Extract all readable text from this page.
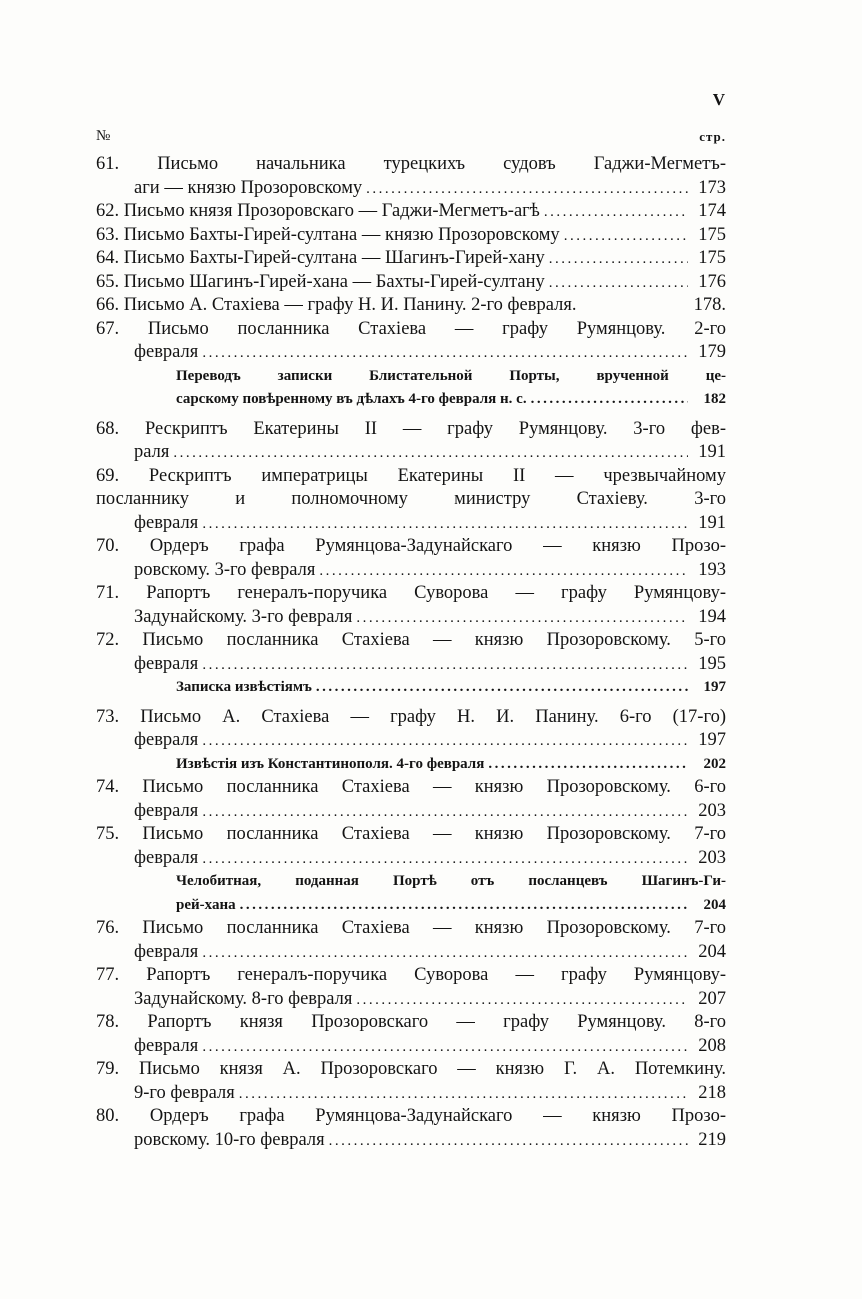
V
№	стр.
61. Письмо начальника турецкихъ судовъ Гаджи-Мегметъ-
аги — князю Прозоровскому .....	173
62. Письмо князя Прозоровскаго — Гаджи-Мегметъ-агѣ .....	174
63. Письмо Бахты-Гирей-султана — князю Прозоровскому .....	175
64. Письмо Бахты-Гирей-султана — Шагинъ-Гирей-хану .....	175
65. Письмо Шагинъ-Гирей-хана — Бахты-Гирей-султану .....	176
66. Письмо А. Стахіева — графу Н. И. Панину. 2-го февраля.	178.
67. Письмо посланника Стахіева — графу Румянцову. 2-го
февраля .....	179
Переводъ записки Блистательной Порты, врученной це-
сарскому повѣренному въ дѣлахъ 4-го февраля н. с. .....	182
68. Рескриптъ Екатерины II — графу Румянцову. 3-го фев-
раля .....	191
69. Рескриптъ императрицы Екатерины II — чрезвычайному
посланнику и полномочному министру Стахіеву. 3-го
февраля .....	191
70. Ордеръ графа Румянцова-Задунайскаго — князю Прозо-
ровскому. 3-го февраля .....	193
71. Рапортъ генералъ-поручика Суворова — графу Румянцову-
Задунайскому. 3-го февраля .....	194
72. Письмо посланника Стахіева — князю Прозоровскому. 5-го
февраля .....	195
Записка извѣстіямъ .....	197
73. Письмо А. Стахіева — графу Н. И. Панину. 6-го (17-го)
февраля .....	197
Извѣстія изъ Константинополя. 4-го февраля .....	202
74. Письмо посланника Стахіева — князю Прозоровскому. 6-го
февраля .....	203
75. Письмо посланника Стахіева — князю Прозоровскому. 7-го
февраля .....	203
Челобитная, поданная Портѣ отъ посланцевъ Шагинъ-Ги-
рей-хана .....	204
76. Письмо посланника Стахіева — князю Прозоровскому. 7-го
февраля .....	204
77. Рапортъ генералъ-поручика Суворова — графу Румянцову-
Задунайскому. 8-го февраля .....	207
78. Рапортъ князя Прозоровскаго — графу Румянцову. 8-го
февраля .....	208
79. Письмо князя А. Прозоровскаго — князю Г. А. Потемкину.
9-го февраля .....	218
80. Ордеръ графа Румянцова-Задунайскаго — князю Прозо-
ровскому. 10-го февраля .....	219
